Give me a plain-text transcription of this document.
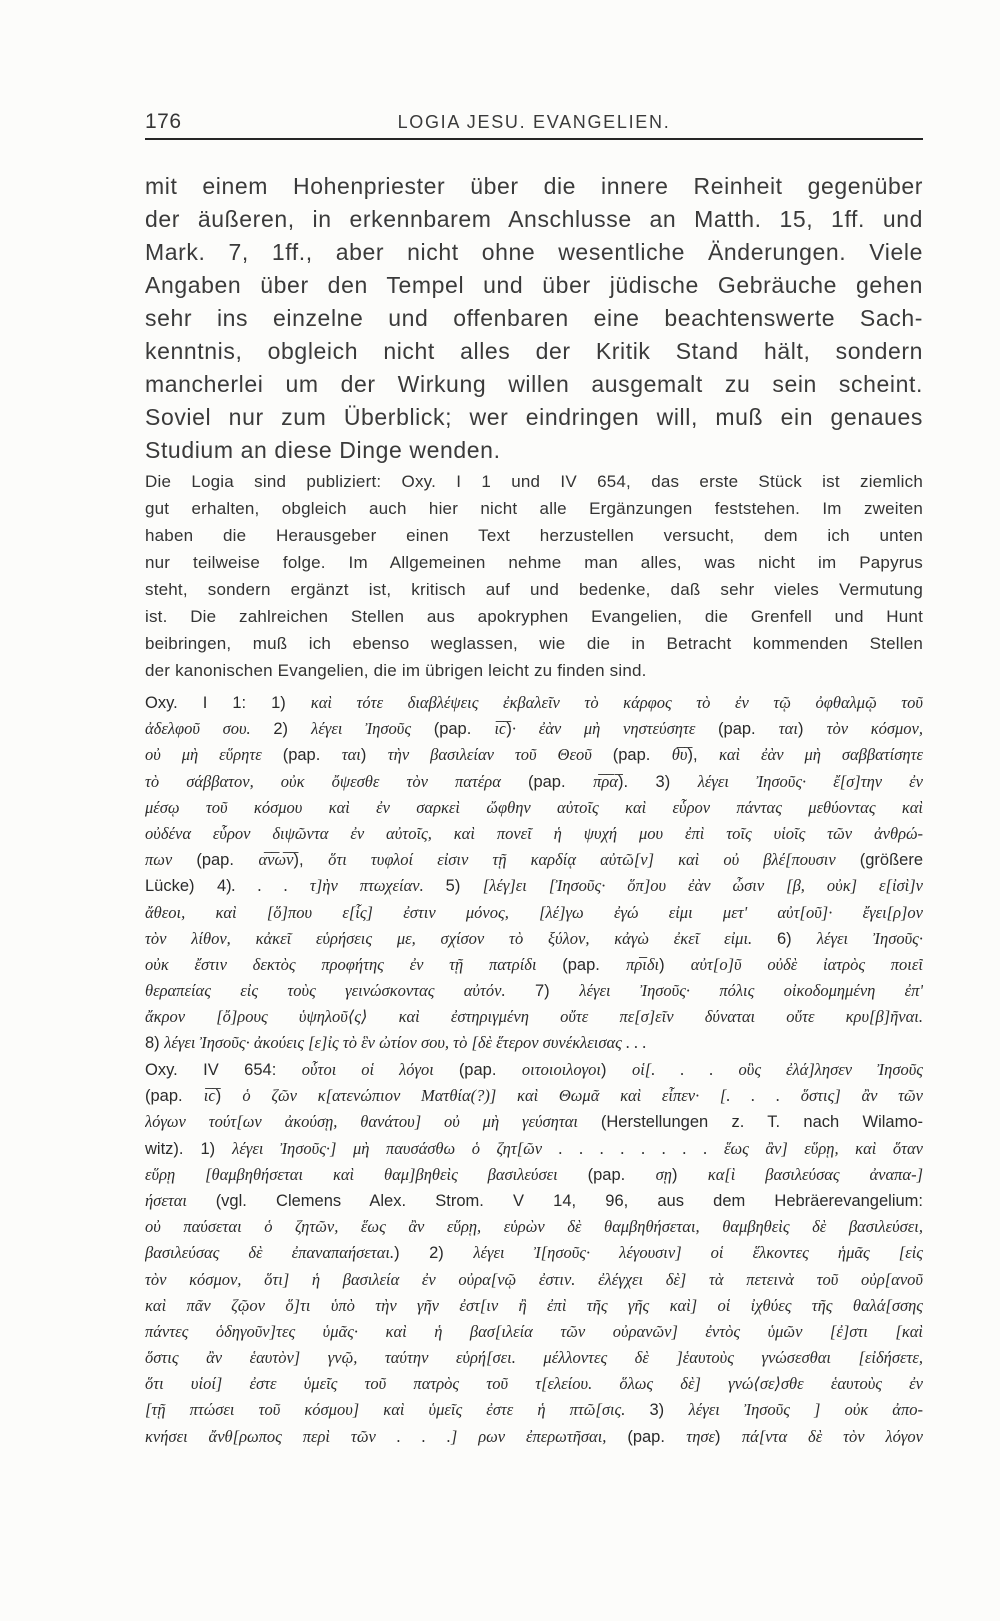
176	LOGIA JESU. EVANGELIEN.
mit einem Hohenpriester über die innere Reinheit gegenüber
der äußeren, in erkennbarem Anschlusse an Matth. 15, 1ff. und
Mark. 7, 1ff., aber nicht ohne wesentliche Änderungen. Viele
Angaben über den Tempel und über jüdische Gebräuche gehen
sehr ins einzelne und offenbaren eine beachtenswerte Sach-
kenntnis, obgleich nicht alles der Kritik Stand hält, sondern
mancherlei um der Wirkung willen ausgemalt zu sein scheint.
Soviel nur zum Überblick; wer eindringen will, muß ein genaues
Studium an diese Dinge wenden.
Die Logia sind publiziert: Oxy. I 1 und IV 654, das erste Stück ist ziemlich
gut erhalten, obgleich auch hier nicht alle Ergänzungen feststehen. Im zweiten
haben die Herausgeber einen Text herzustellen versucht, dem ich unten
nur teilweise folge. Im Allgemeinen nehme man alles, was nicht im Papyrus
steht, sondern ergänzt ist, kritisch auf und bedenke, daß sehr vieles Vermutung
ist. Die zahlreichen Stellen aus apokryphen Evangelien, die Grenfell und Hunt
beibringen, muß ich ebenso weglassen, wie die in Betracht kommenden Stellen
der kanonischen Evangelien, die im übrigen leicht zu finden sind.
Oxy. I 1: 1) καὶ τότε διαβλέψεις ἐκβαλεῖν τὸ κάρφος τὸ ἐν τῷ ὀφθαλμῷ τοῦ
ἀδελφοῦ σου. 2) λέγει Ἰησοῦς (pap. ι̅ϲ̅)· ἐὰν μὴ νηστεύσητε (pap. ται) τὸν κόσμον,
οὐ μὴ εὕρητε (pap. ται) τὴν βασιλείαν τοῦ Θεοῦ (pap. θ̅υ̅), καὶ ἐὰν μὴ σαββατίσητε
τὸ σάββατον, οὐκ ὄψεσθε τὸν πατέρα (pap. π̅ρ̅α̅). 3) λέγει Ἰησοῦς· ἔ[σ]την ἐν
μέσῳ τοῦ κόσμου καὶ ἐν σαρκεὶ ὤφθην αὐτοῖς καὶ εὗρον πάντας μεθύοντας καὶ
οὐδένα εὗρον διψῶντα ἐν αὐτοῖς, καὶ πονεῖ ἡ ψυχή μου ἐπὶ τοῖς υἱοῖς τῶν ἀνθρώ-
πων (pap. α̅ν̅ω̅ν̅), ὅτι τυφλοί εἰσιν τῇ καρδίᾳ αὐτῶ[ν] καὶ οὐ βλέ[πουσιν (größere
Lücke) 4). . . τ]ὴν πτωχείαν. 5) [λέγ]ει [Ἰησοῦς· ὅπ]ου ἐὰν ὦσιν [β, οὐκ] ε[ἰσὶ]ν
ἄθεοι, καὶ [ὅ]που ε[ἷς] ἐστιν μόνος, [λέ]γω ἐγώ εἰμι μετ' αὐτ[οῦ]· ἔγει[ρ]ον
τὸν λίθον, κἀκεῖ εὑρήσεις με, σχίσον τὸ ξύλον, κἀγὼ ἐκεῖ εἰμι. 6) λέγει Ἰησοῦς·
οὐκ ἔστιν δεκτὸς προφήτης ἐν τῇ πατρίδι (pap. πρ̅ιδι) αὐτ[ο]ῦ οὐδὲ ἰατρὸς ποιεῖ
θεραπείας εἰς τοὺς γεινώσκοντας αὐτόν. 7) λέγει Ἰησοῦς· πόλις οἰκοδομημένη ἐπ'
ἄκρον [ὄ]ρους ὑψηλοῦ⟨ς⟩ καὶ ἐστηριγμένη οὔτε πε[σ]εῖν δύναται οὔτε κρυ[β]ῆναι.
8) λέγει Ἰησοῦς· ἀκούεις [ε]ἰς τὸ ἓν ὠτίον σου, τὸ [δὲ ἕτερον συνέκλεισας . . .
Oxy. IV 654: οὗτοι οἱ λόγοι (pap. οιτοιοιλογοι) οἱ[. . . οὓς ἐλά]λησεν Ἰησοῦς
(pap. ι̅ϲ̅) ὁ ζῶν κ[ατενώπιον Ματθία(?)] καὶ Θωμᾶ καὶ εἶπεν· [. . . ὅστις] ἂν τῶν
λόγων τούτ[ων ἀκούσῃ, θανάτου] οὐ μὴ γεύσηται (Herstellungen z. T. nach Wilamo-
witz). 1) λέγει Ἰησοῦς·] μὴ παυσάσθω ὁ ζητ[ῶν . . . . . . . . ἕως ἂν] εὕρῃ, καὶ ὅταν
εὕρῃ [θαμβηθήσεται καὶ θαμ]βηθεὶς βασιλεύσει (pap. σῃ) κα[ὶ βασιλεύσας ἀναπα-]
ήσεται (vgl. Clemens Alex. Strom. V 14, 96, aus dem Hebräerevangelium:
οὐ παύσεται ὁ ζητῶν, ἕως ἂν εὕρῃ, εὑρὼν δὲ θαμβηθήσεται, θαμβηθεὶς δὲ βασιλεύσει,
βασιλεύσας δὲ ἐπαναπαήσεται.) 2) λέγει Ἰ[ησοῦς· λέγουσιν] οἱ ἕλκοντες ἡμᾶς [εἰς
τὸν κόσμον, ὅτι] ἡ βασιλεία ἐν οὐρα[νῷ ἐστιν. ἐλέγχει δὲ] τὰ πετεινὰ τοῦ οὐρ[ανοῦ
καὶ πᾶν ζῷον ὅ]τι ὑπὸ τὴν γῆν ἐστ[ιν ἢ ἐπὶ τῆς γῆς καὶ] οἱ ἰχθύες τῆς θαλά[σσης
πάντες ὁδηγοῦν]τες ὑμᾶς· καὶ ἡ βασ[ιλεία τῶν οὐρανῶν] ἐντὸς ὑμῶν [ἐ]στι [καὶ
ὅστις ἂν ἑαυτὸν] γνῷ, ταύτην εὑρή[σει. μέλλοντες δὲ ]ἑαυτοὺς γνώσεσθαι [εἰδήσετε,
ὅτι υἱοί] ἐστε ὑμεῖς τοῦ πατρὸς τοῦ τ[ελείου. ὅλως δὲ] γνώ⟨σε⟩σθε ἑαυτοὺς ἐν
[τῇ πτώσει τοῦ κόσμου] καὶ ὑμεῖς ἐστε ἡ πτῶ[σις. 3) λέγει Ἰησοῦς ] οὐκ ἀπο-
κνήσει ἄνθ[ρωπος περὶ τῶν . . .] ρων ἐπερωτῆσαι, (pap. τησε) πά[ντα δὲ τὸν λόγον
